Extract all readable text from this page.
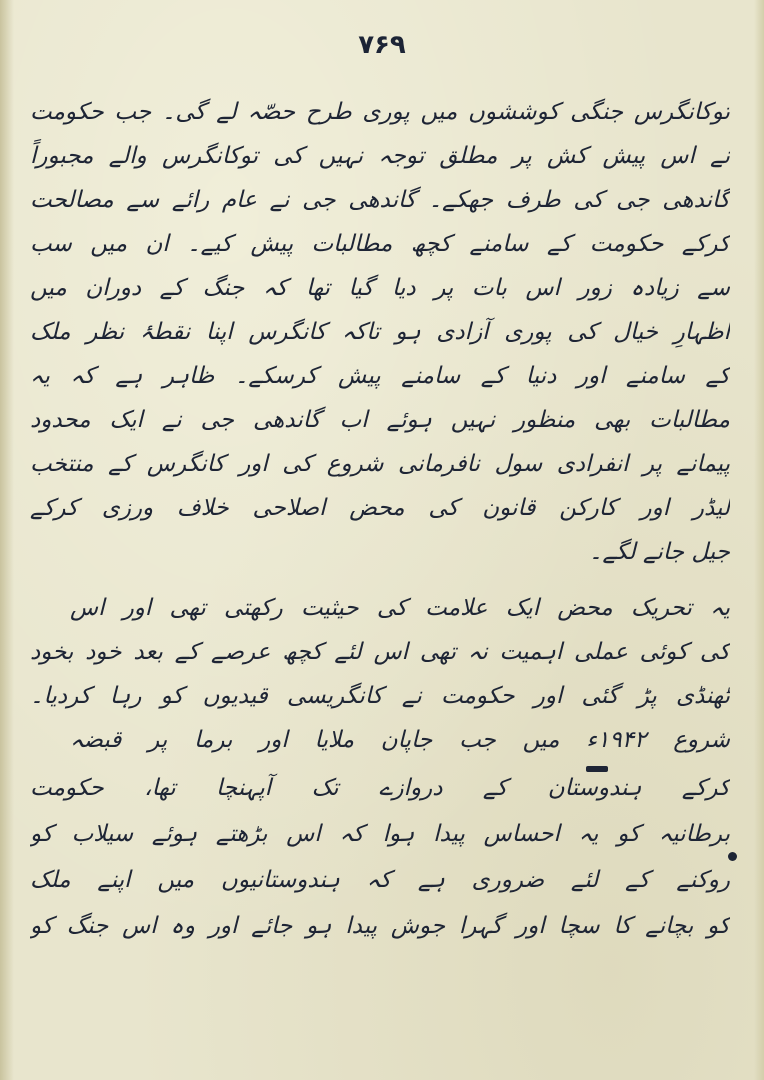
۷۶۹
توکانگرس جنگی کوششوں میں پوری طرح حصّہ لے گی۔ جب حکومت
نے اس پیش کش پر مطلق توجہ نہیں کی توکانگرس والے مجبوراً
گاندھی جی کی طرف جھکے۔ گاندھی جی نے عام رائے سے مصالحت
کرکے حکومت کے سامنے کچھ مطالبات پیش کیے۔ ان میں سب
سے زیادہ زور اس بات پر دیا گیا تھا کہ جنگ کے دوران میں
اظہارِ خیال کی پوری آزادی ہو تاکہ کانگرس اپنا نقطۂ نظر ملک
کے سامنے اور دنیا کے سامنے پیش کرسکے۔ ظاہر ہے کہ یہ
مطالبات بھی منظور نہیں ہوئے اب گاندھی جی نے ایک محدود
پیمانے پر انفرادی سول نافرمانی شروع کی اور کانگرس کے منتخب
لیڈر اور کارکن قانون کی محض اصلاحی خلاف ورزی کرکے
جیل جانے لگے۔
یہ تحریک محض ایک علامت کی حیثیت رکھتی تھی اور اس
کی کوئی عملی اہمیت نہ تھی اس لئے کچھ عرصے کے بعد خود بخود
ٹھنڈی پڑ گئی اور حکومت نے کانگریسی قیدیوں کو رہا کردیا۔
شروع ۱۹۴۲ء میں جب جاپان ملایا اور برما پر قبضہ
کرکے ہندوستان کے دروازے تک آپہنچا تھا، حکومت
برطانیہ کو یہ احساس پیدا ہوا کہ اس بڑھتے ہوئے سیلاب کو
روکنے کے لئے ضروری ہے کہ ہندوستانیوں میں اپنے ملک
کو بچانے کا سچا اور گہرا جوش پیدا ہو جائے اور وہ اس جنگ کو
